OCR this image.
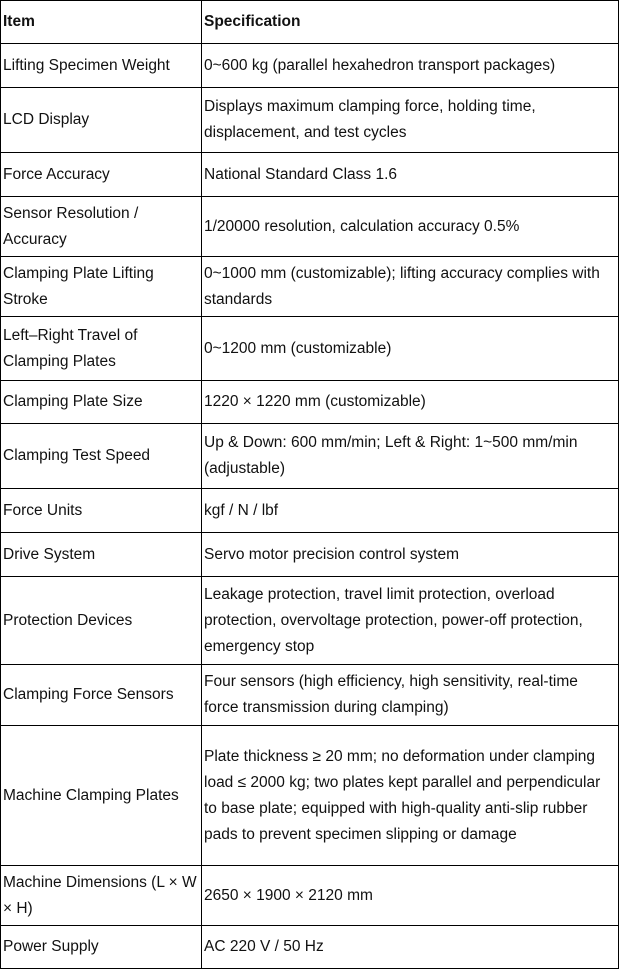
Item	Specification
Lifting Specimen Weight	0~600 kg (parallel hexahedron transport packages)
LCD Display	Displays maximum clamping force, holding time, displacement, and test cycles
Force Accuracy	National Standard Class 1.6
Sensor Resolution / Accuracy	1/20000 resolution, calculation accuracy 0.5%
Clamping Plate Lifting Stroke	0~1000 mm (customizable); lifting accuracy complies with standards
Left–Right Travel of Clamping Plates	0~1200 mm (customizable)
Clamping Plate Size	1220 × 1220 mm (customizable)
Clamping Test Speed	Up & Down: 600 mm/min; Left & Right: 1~500 mm/min (adjustable)
Force Units	kgf / N / lbf
Drive System	Servo motor precision control system
Protection Devices	Leakage protection, travel limit protection, overload protection, overvoltage protection, power-off protection, emergency stop
Clamping Force Sensors	Four sensors (high efficiency, high sensitivity, real-time force transmission during clamping)
Machine Clamping Plates	Plate thickness ≥ 20 mm; no deformation under clamping load ≤ 2000 kg; two plates kept parallel and perpendicular to base plate; equipped with high-quality anti-slip rubber pads to prevent specimen slipping or damage
Machine Dimensions (L × W × H)	2650 × 1900 × 2120 mm
Power Supply	AC 220 V / 50 Hz
